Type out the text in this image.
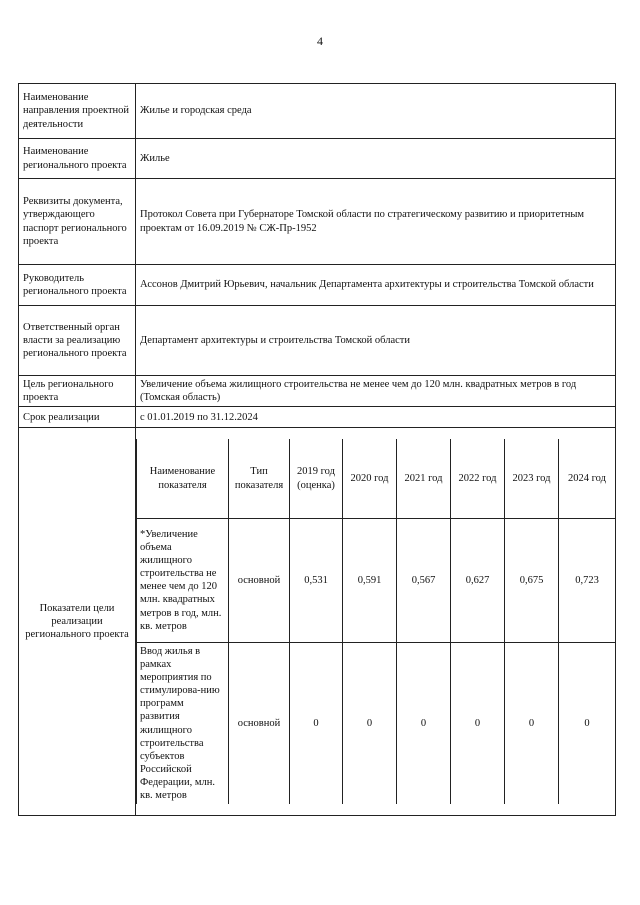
4
Наименование направления проектной деятельности	Жилье и городская среда
Наименование регионального проекта	Жилье
Реквизиты документа, утверждающего паспорт регионального проекта	Протокол Совета при Губернаторе Томской области по стратегическому развитию и приоритетным проектам от 16.09.2019 № СЖ-Пр-1952
Руководитель регионального проекта	Ассонов Дмитрий Юрьевич, начальник Департамента архитектуры и строительства Томской области
Ответственный орган власти за реализацию регионального проекта	Департамент архитектуры и строительства Томской области
Цель регионального проекта	Увеличение объема жилищного строительства не менее чем до 120 млн. квадратных метров в год (Томская область)
Срок реализации	с 01.01.2019 по 31.12.2024
Показатели цели реализации регионального проекта	
Наименование показателя	Тип показателя	2019 год (оценка)	2020 год	2021 год	2022 год	2023 год	2024 год
*Увеличение объема жилищного строительства не менее чем до 120 млн. квадратных метров в год, млн. кв. метров	основной	0,531	0,591	0,567	0,627	0,675	0,723
Ввод жилья в рамках мероприятия по стимулирова-нию программ развития жилищного строительства субъектов Российской Федерации, млн. кв. метров	основной	0	0	0	0	0	0
